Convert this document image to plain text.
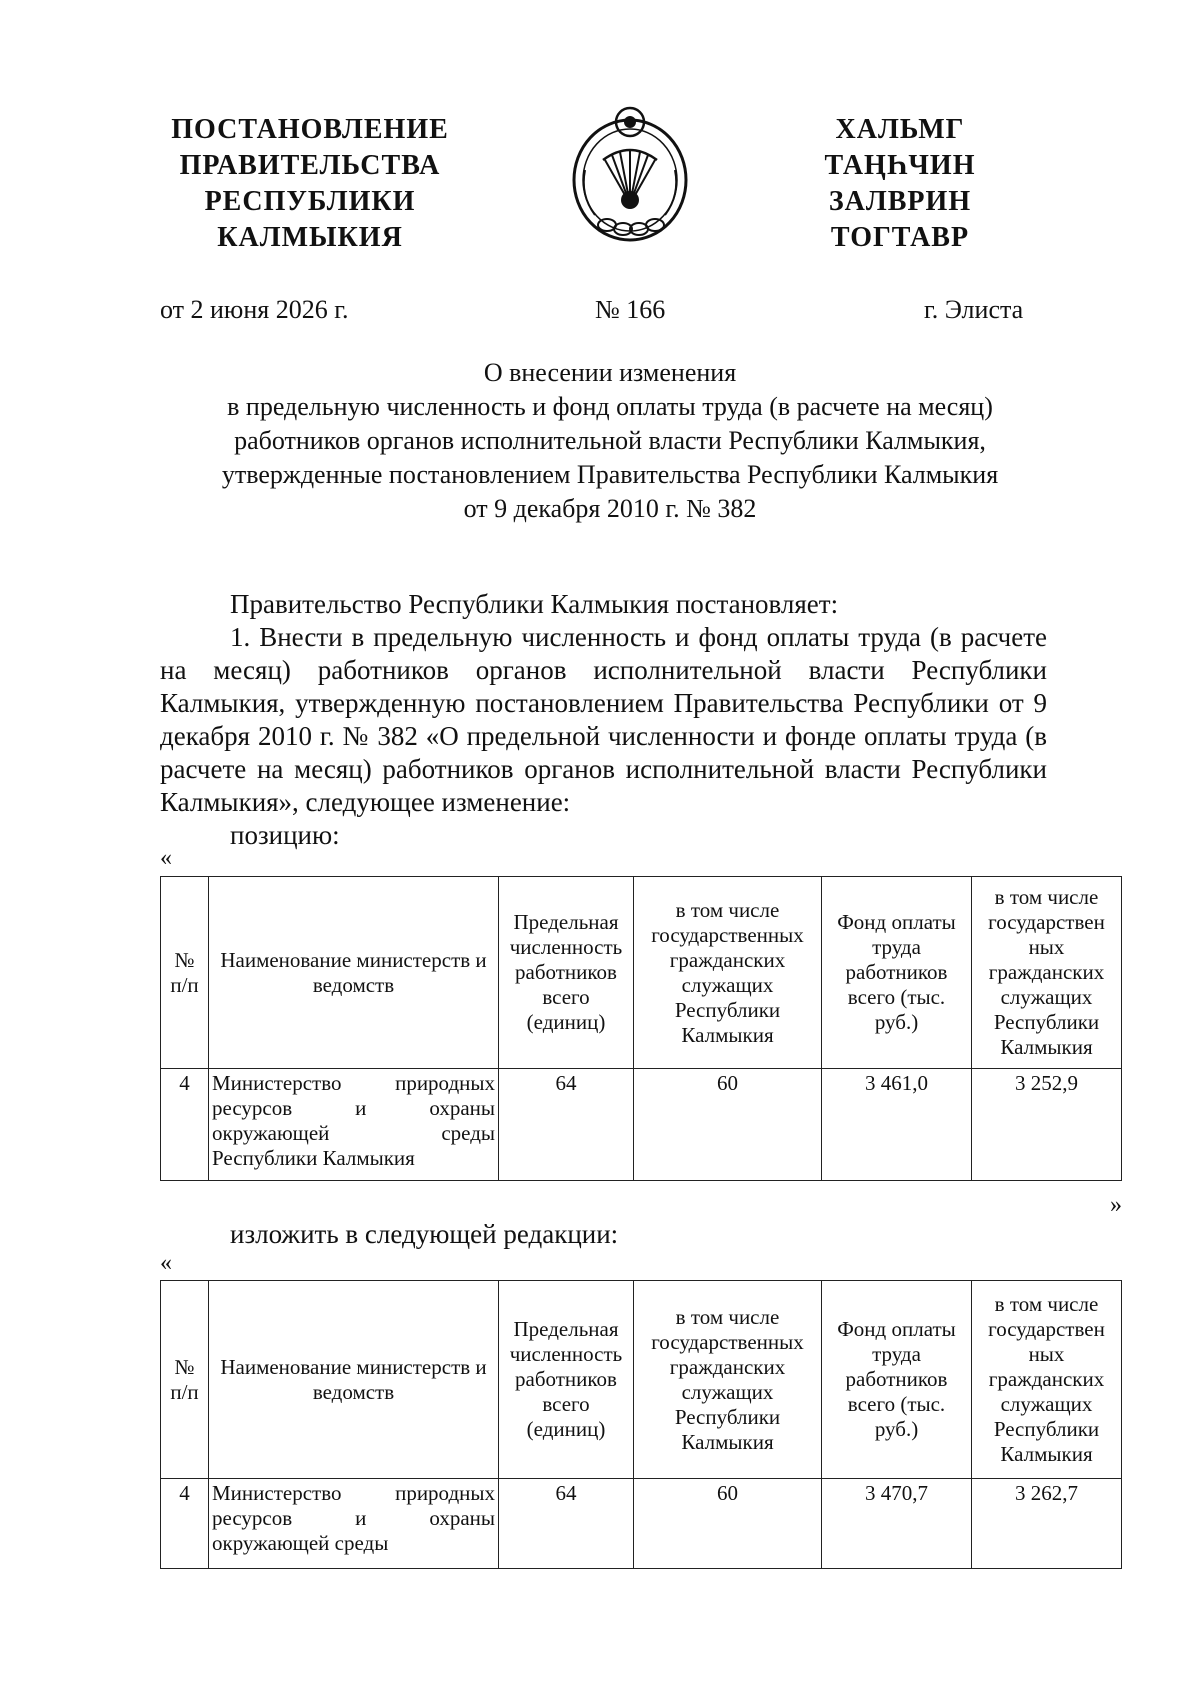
ПОСТАНОВЛЕНИЕ
ПРАВИТЕЛЬСТВА
РЕСПУБЛИКИ
КАЛМЫКИЯ
ХАЛЬМГ
ТАҢҺЧИН
ЗАЛВРИН
ТОГТАВР
от 2 июня 2026 г.	№ 166	г. Элиста
О внесении изменения
в предельную численность и фонд оплаты труда (в расчете на месяц)
работников органов исполнительной власти Республики Калмыкия,
утвержденные постановлением Правительства Республики Калмыкия
от 9 декабря 2010 г. № 382
Правительство Республики Калмыкия постановляет:
1. Внести в предельную численность и фонд оплаты труда (в расчете на месяц) работников органов исполнительной власти Республики Калмыкия, утвержденную постановлением Правительства Республики от 9 декабря 2010 г. № 382 «О предельной численности и фонде оплаты труда (в расчете на месяц) работников органов исполнительной власти Республики Калмыкия», следующее изменение:
позицию:
«
№ п/п	Наименование министерств и ведомств	Предельная численность работников всего (единиц)	в том числе государственных гражданских служащих Республики Калмыкия	Фонд оплаты труда работников всего (тыс. руб.)	в том числе государствен ных гражданских служащих Республики Калмыкия
4	Министерство природных ресурсов и охраны окружающей среды Республики Калмыкия	64	60	3 461,0	3 252,9
»
изложить в следующей редакции:
«
№ п/п	Наименование министерств и ведомств	Предельная численность работников всего (единиц)	в том числе государственных гражданских служащих Республики Калмыкия	Фонд оплаты труда работников всего (тыс. руб.)	в том числе государствен ных гражданских служащих Республики Калмыкия
4	Министерство природных ресурсов и охраны окружающей среды	64	60	3 470,7	3 262,7
